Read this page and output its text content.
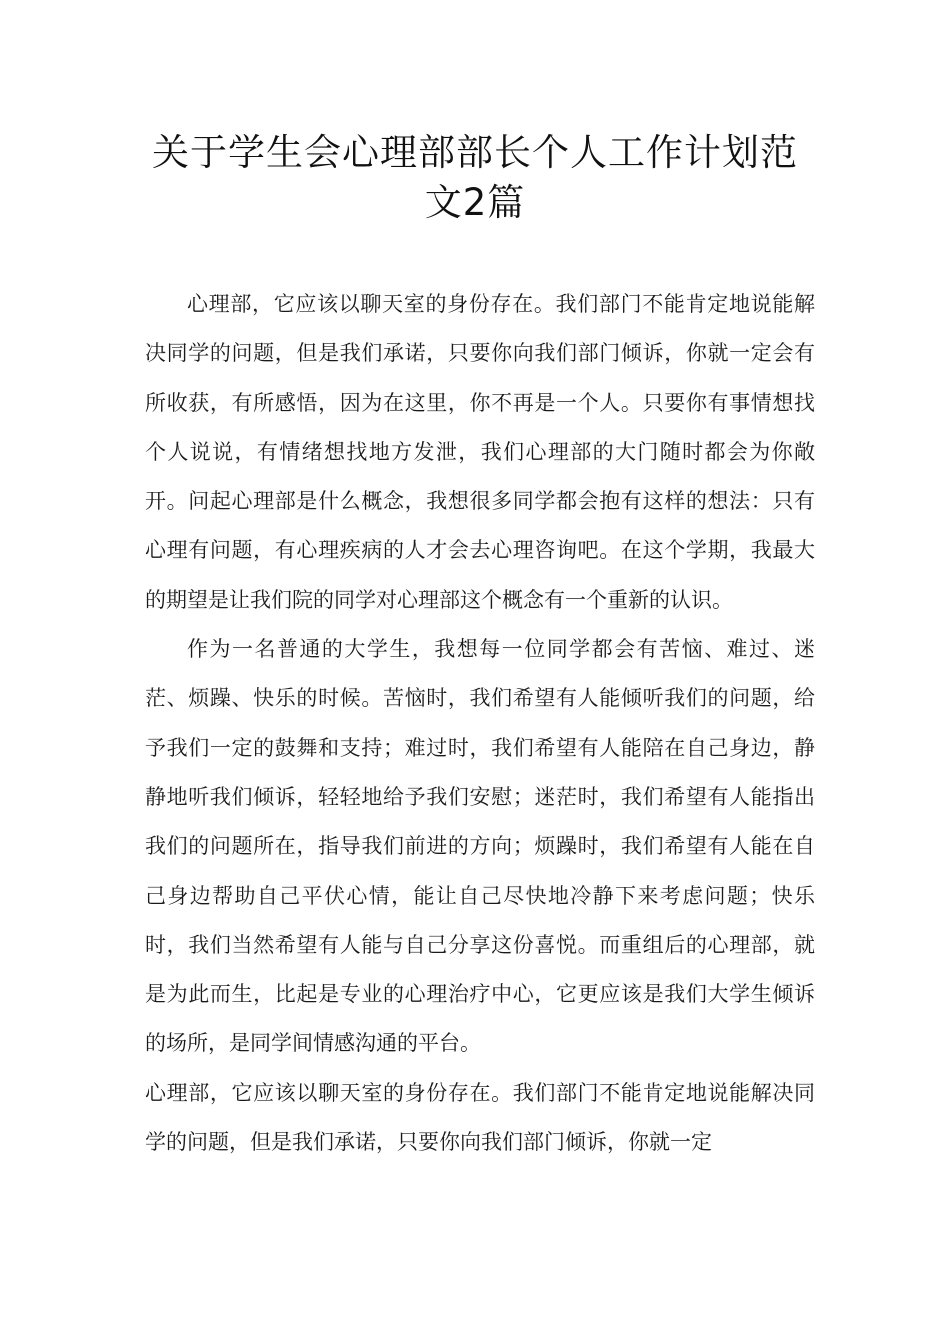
关于学生会心理部部长个人工作计划范
文2篇

心理部，它应该以聊天室的身份存在。我们部门不能肯定地说能解决同学的问题，但是我们承诺，只要你向我们部门倾诉，你就一定会有所收获，有所感悟，因为在这里，你不再是一个人。只要你有事情想找个人说说，有情绪想找地方发泄，我们心理部的大门随时都会为你敞开。问起心理部是什么概念，我想很多同学都会抱有这样的想法：只有心理有问题，有心理疾病的人才会去心理咨询吧。在这个学期，我最大的期望是让我们院的同学对心理部这个概念有一个重新的认识。

作为一名普通的大学生，我想每一位同学都会有苦恼、难过、迷茫、烦躁、快乐的时候。苦恼时，我们希望有人能倾听我们的问题，给予我们一定的鼓舞和支持；难过时，我们希望有人能陪在自己身边，静静地听我们倾诉，轻轻地给予我们安慰；迷茫时，我们希望有人能指出我们的问题所在，指导我们前进的方向；烦躁时，我们希望有人能在自己身边帮助自己平伏心情，能让自己尽快地冷静下来考虑问题；快乐时，我们当然希望有人能与自己分享这份喜悦。而重组后的心理部，就是为此而生，比起是专业的心理治疗中心，它更应该是我们大学生倾诉的场所，是同学间情感沟通的平台。

心理部，它应该以聊天室的身份存在。我们部门不能肯定地说能解决同学的问题，但是我们承诺，只要你向我们部门倾诉，你就一定
